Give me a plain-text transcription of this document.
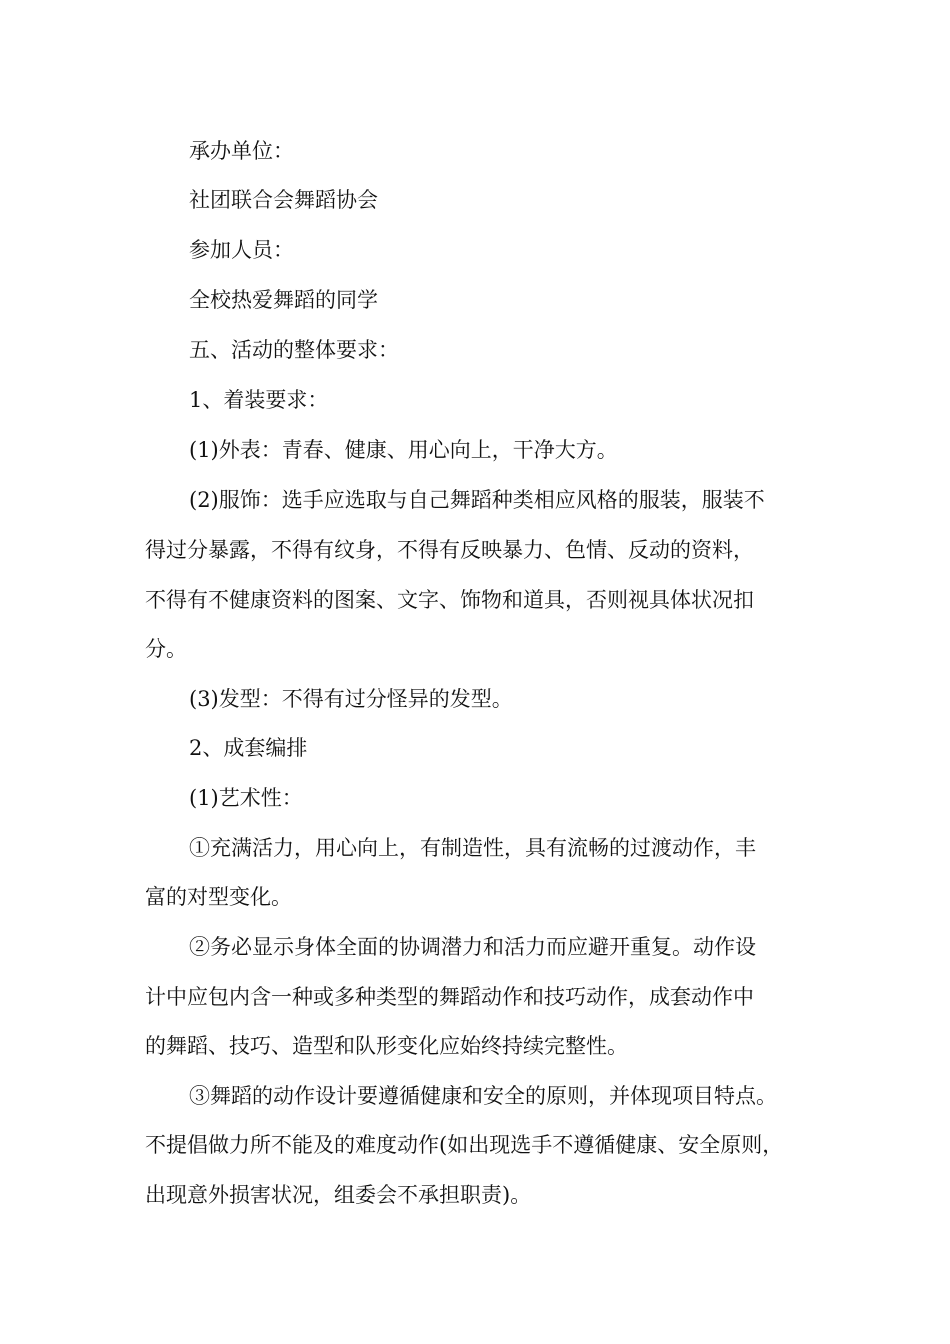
承办单位：
社团联合会舞蹈协会
参加人员：
全校热爱舞蹈的同学
五、活动的整体要求：
1、着装要求：
(1)外表：青春、健康、用心向上，干净大方。
(2)服饰：选手应选取与自己舞蹈种类相应风格的服装，服装不
得过分暴露，不得有纹身，不得有反映暴力、色情、反动的资料，
不得有不健康资料的图案、文字、饰物和道具，否则视具体状况扣
分。
(3)发型：不得有过分怪异的发型。
2、成套编排
(1)艺术性：
①充满活力，用心向上，有制造性，具有流畅的过渡动作，丰
富的对型变化。
②务必显示身体全面的协调潜力和活力而应避开重复。动作设
计中应包内含一种或多种类型的舞蹈动作和技巧动作，成套动作中
的舞蹈、技巧、造型和队形变化应始终持续完整性。
③舞蹈的动作设计要遵循健康和安全的原则，并体现项目特点。
不提倡做力所不能及的难度动作(如出现选手不遵循健康、安全原则，
出现意外损害状况，组委会不承担职责)。
